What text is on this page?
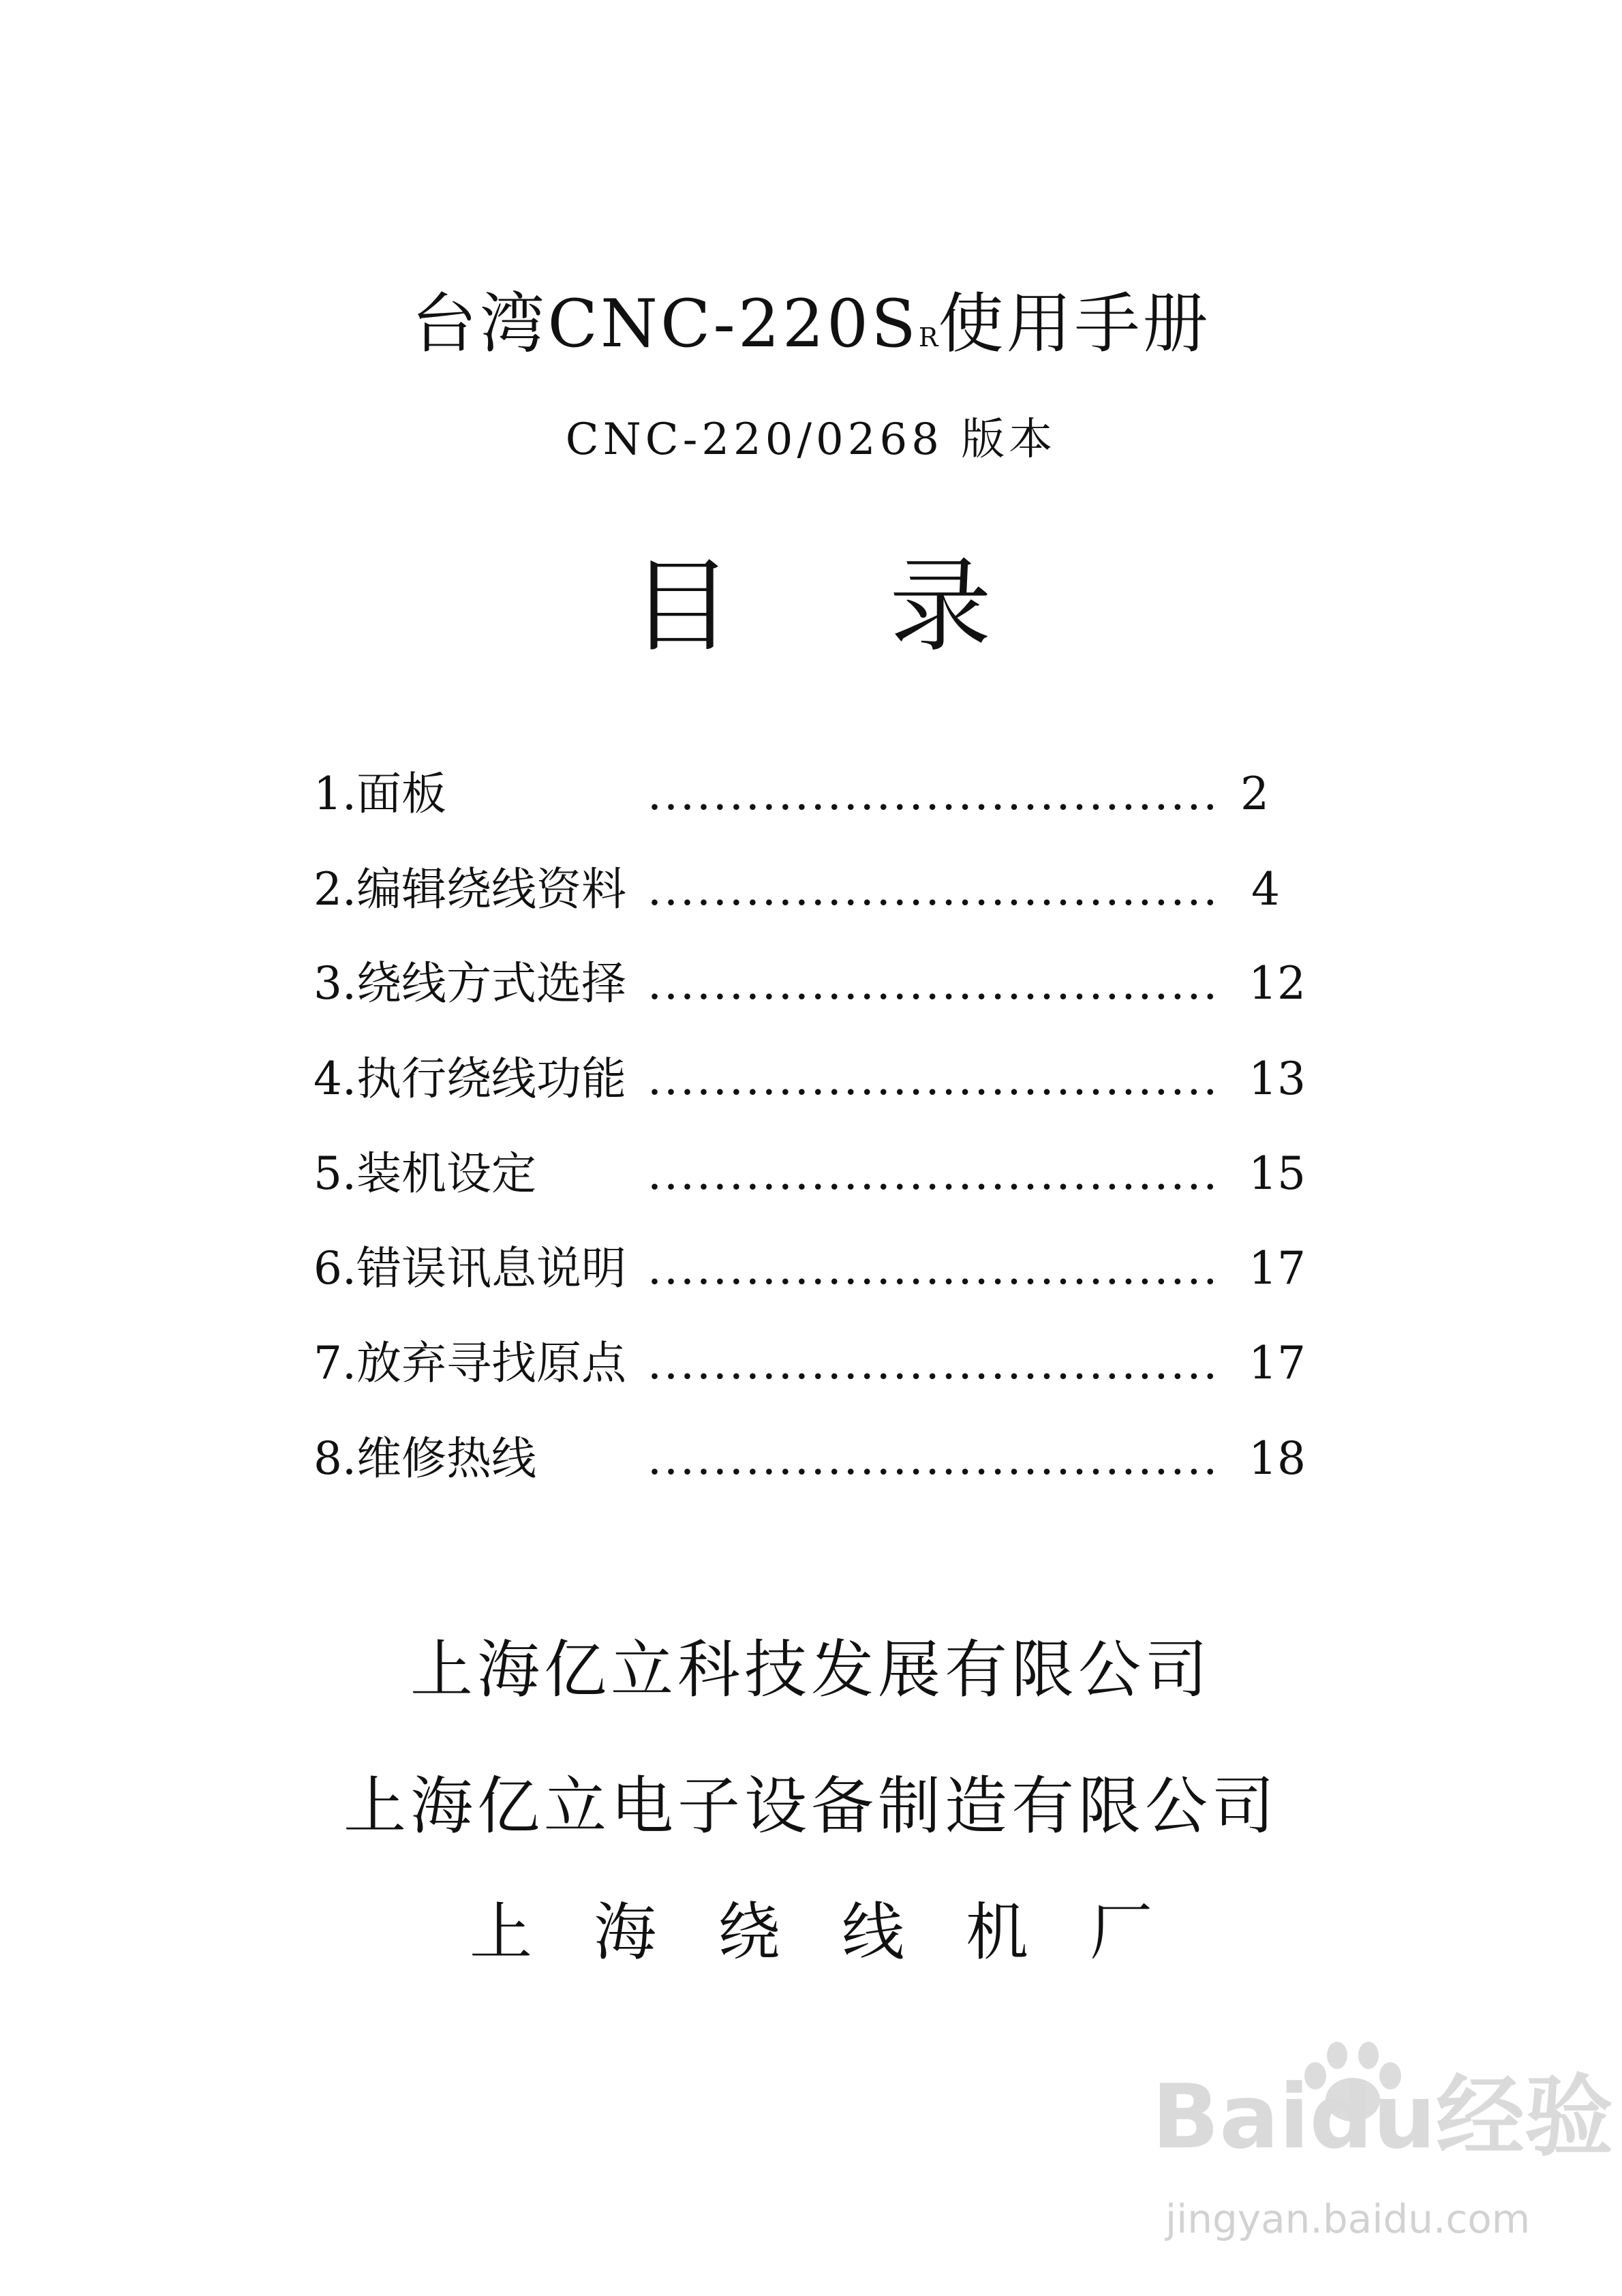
台湾CNC-220SR使用手册
CNC-220/0268 版本
目 录
1.面板	................................... 2
2.编辑绕线资料 ................................... 4
3.绕线方式选择 ................................... 12
4.执行绕线功能 ................................... 13
5.装机设定 ................................... 15
6.错误讯息说明 ................................... 17
7.放弃寻找原点 ................................... 17
8.维修热线 ................................... 18
上海亿立科技发展有限公司
上海亿立电子设备制造有限公司
上 海 绕 线 机 厂
Baidu经验
jingyan.baidu.com
